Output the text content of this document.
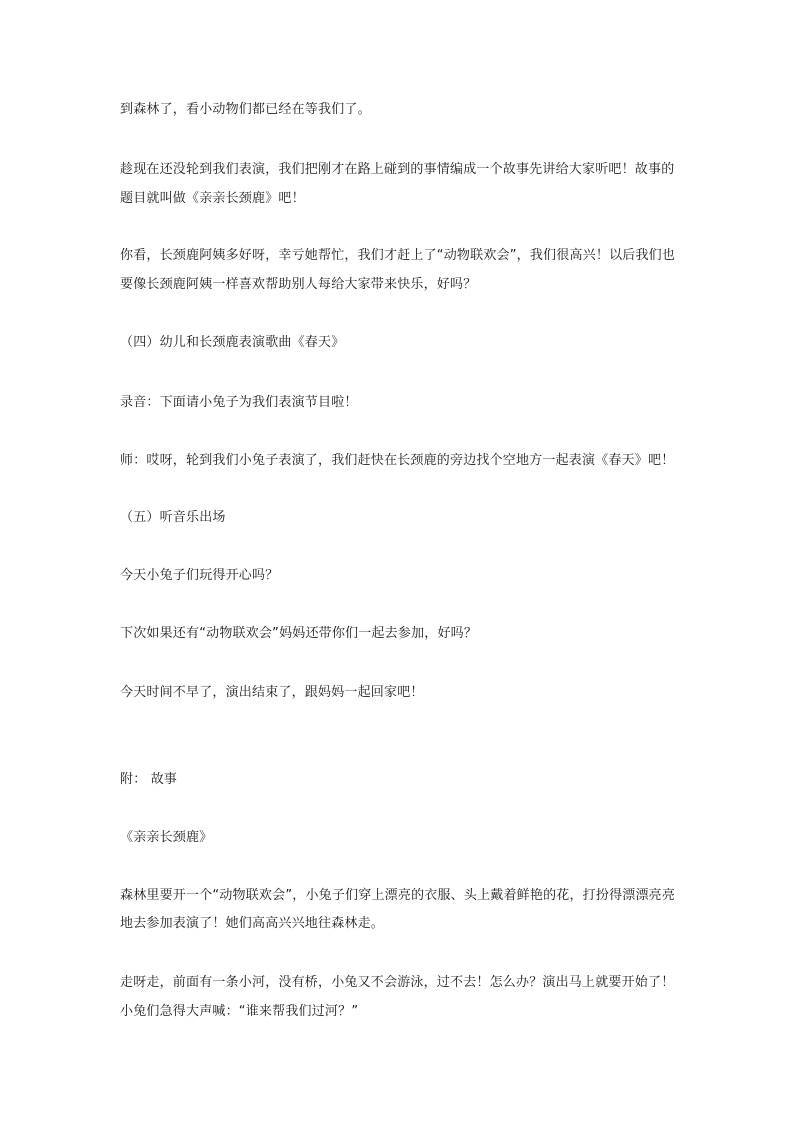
到森林了，看小动物们都已经在等我们了。
趁现在还没轮到我们表演，我们把刚才在路上碰到的事情编成一个故事先讲给大家听吧！故事的
题目就叫做《亲亲长颈鹿》吧！
你看，长颈鹿阿姨多好呀，幸亏她帮忙，我们才赶上了“动物联欢会”，我们很高兴！以后我们也
要像长颈鹿阿姨一样喜欢帮助别人每给大家带来快乐，好吗？
（四）幼儿和长颈鹿表演歌曲《春天》
录音：下面请小兔子为我们表演节目啦！
师：哎呀，轮到我们小兔子表演了，我们赶快在长颈鹿的旁边找个空地方一起表演《春天》吧！
（五）听音乐出场
今天小兔子们玩得开心吗？
下次如果还有“动物联欢会”妈妈还带你们一起去参加，好吗？
今天时间不早了，演出结束了，跟妈妈一起回家吧！
附： 故事
《亲亲长颈鹿》
森林里要开一个“动物联欢会”，小兔子们穿上漂亮的衣服、头上戴着鲜艳的花，打扮得漂漂亮亮
地去参加表演了！她们高高兴兴地往森林走。
走呀走，前面有一条小河，没有桥，小兔又不会游泳，过不去！怎么办？演出马上就要开始了！
小兔们急得大声喊：“谁来帮我们过河？”
